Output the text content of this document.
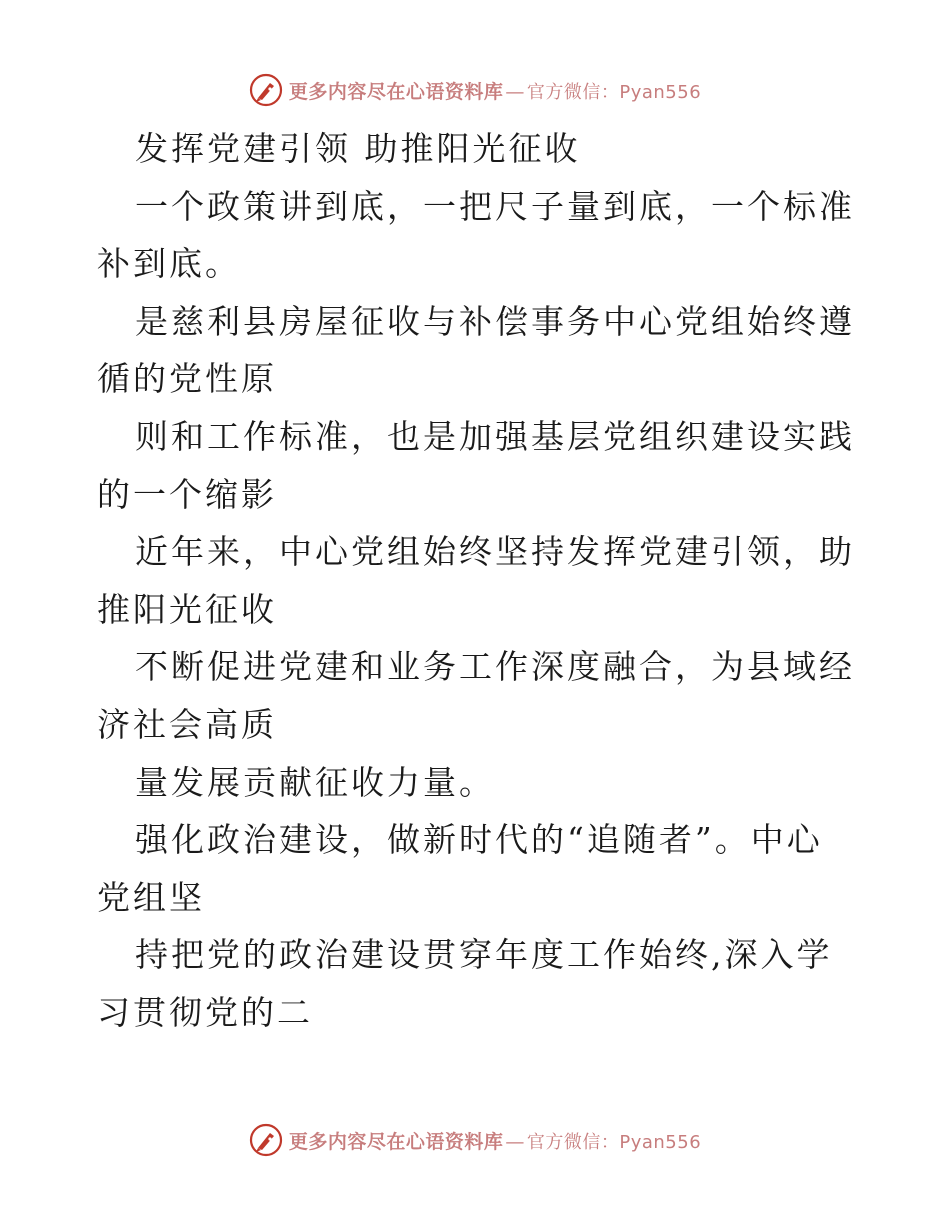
更多内容尽在心语资料库 — 官方微信：Pyan556

发挥党建引领 助推阳光征收

一个政策讲到底，一把尺子量到底，一个标准补到底。

是慈利县房屋征收与补偿事务中心党组始终遵循的党性原

则和工作标准，也是加强基层党组织建设实践的一个缩影

近年来，中心党组始终坚持发挥党建引领，助推阳光征收

不断促进党建和业务工作深度融合，为县域经济社会高质

量发展贡献征收力量。

强化政治建设，做新时代的“追随者”。中心党组坚

持把党的政治建设贯穿年度工作始终,深入学习贯彻党的二

更多内容尽在心语资料库 — 官方微信：Pyan556
